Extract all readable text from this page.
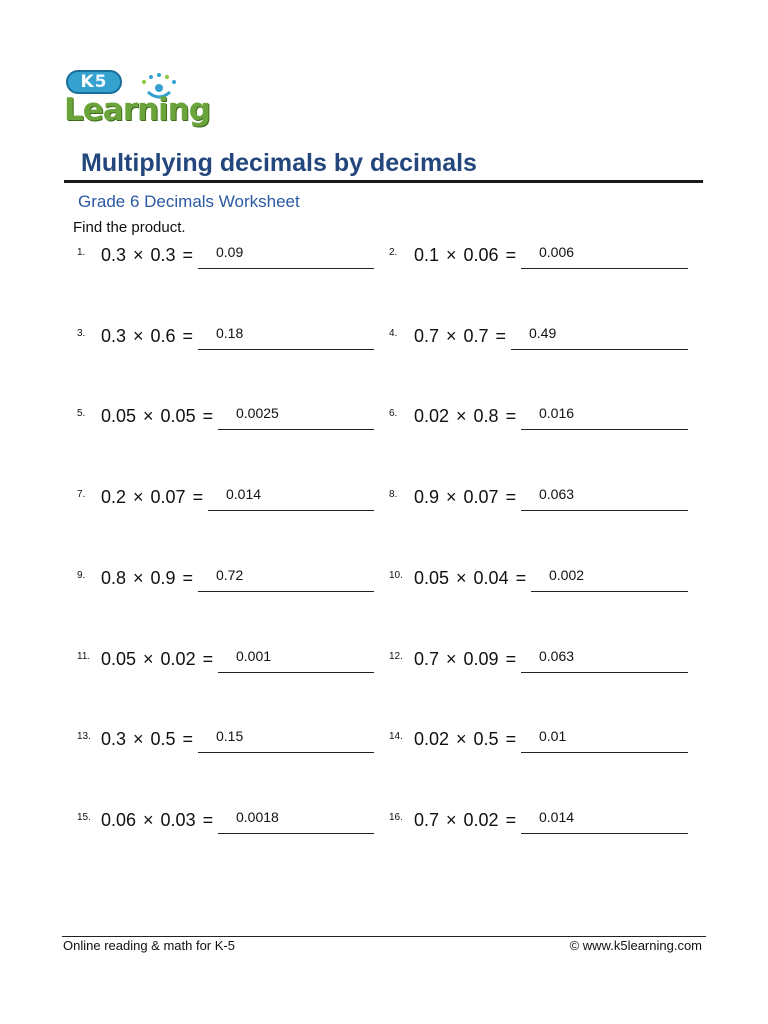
K5
Learning
Multiplying decimals by decimals
Grade 6 Decimals Worksheet
Find the product.
1. 0.3 × 0.3 = 0.09	2. 0.1 × 0.06 = 0.006
3. 0.3 × 0.6 = 0.18	4. 0.7 × 0.7 = 0.49
5. 0.05 × 0.05 = 0.0025	6. 0.02 × 0.8 = 0.016
7. 0.2 × 0.07 = 0.014	8. 0.9 × 0.07 = 0.063
9. 0.8 × 0.9 = 0.72	10. 0.05 × 0.04 = 0.002
11. 0.05 × 0.02 = 0.001	12. 0.7 × 0.09 = 0.063
13. 0.3 × 0.5 = 0.15	14. 0.02 × 0.5 = 0.01
15. 0.06 × 0.03 = 0.0018	16. 0.7 × 0.02 = 0.014
Online reading & math for K-5	© www.k5learning.com
